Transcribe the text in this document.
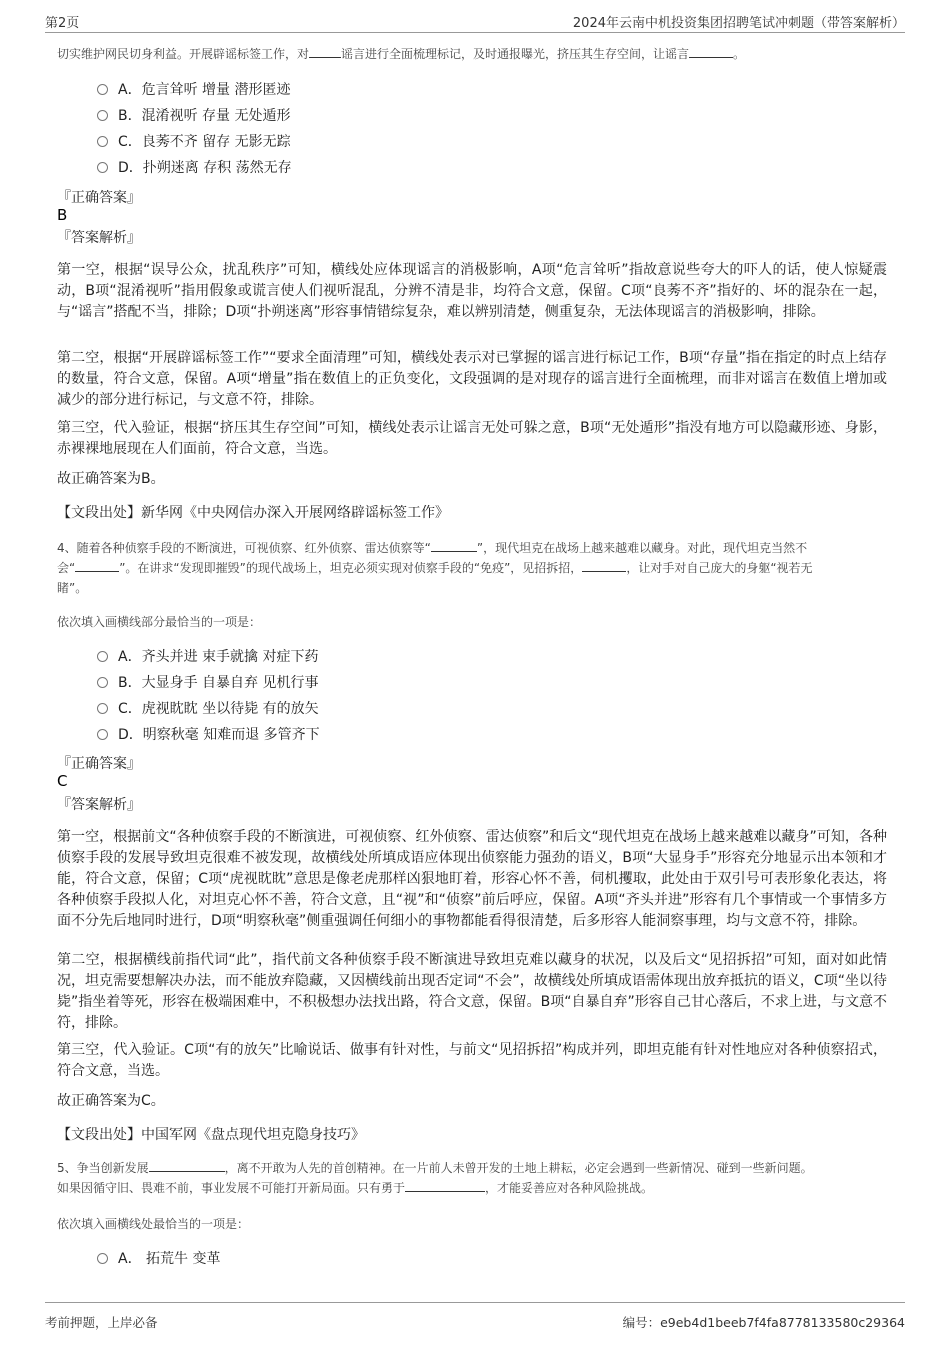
第2页	2024年云南中机投资集团招聘笔试冲刺题（带答案解析）
切实维护网民切身利益。开展辟谣标签工作，对	谣言进行全面梳理标记，及时通报曝光，挤压其生存空间，让谣言	。
A．危言耸听 增量 潜形匿迹
B．混淆视听 存量 无处遁形
C．良莠不齐 留存 无影无踪
D．扑朔迷离 存积 荡然无存
『正确答案』
B
『答案解析』

第一空，根据“误导公众，扰乱秩序”可知，横线处应体现谣言的消极影响，A项“危言耸听”指故意说些夸大的吓人的话，使人惊疑震动，B项“混淆视听”指用假象或谎言使人们视听混乱，分辨不清是非，均符合文意，保留。C项“良莠不齐”指好的、坏的混杂在一起，与“谣言”搭配不当，排除；D项“扑朔迷离”形容事情错综复杂，难以辨别清楚，侧重复杂，无法体现谣言的消极影响，排除。

第二空，根据“开展辟谣标签工作”“要求全面清理”可知，横线处表示对已掌握的谣言进行标记工作，B项“存量”指在指定的时点上结存的数量，符合文意，保留。A项“增量”指在数值上的正负变化，文段强调的是对现存的谣言进行全面梳理，而非对谣言在数值上增加或减少的部分进行标记，与文意不符，排除。

第三空，代入验证，根据“挤压其生存空间”可知，横线处表示让谣言无处可躲之意，B项“无处遁形”指没有地方可以隐藏形迹、身影，赤裸裸地展现在人们面前，符合文意，当选。

故正确答案为B。

【文段出处】新华网《中央网信办深入开展网络辟谣标签工作》

4、随着各种侦察手段的不断演进，可视侦察、红外侦察、雷达侦察等“	”，现代坦克在战场上越来越难以藏身。对此，现代坦克当然不
会“	”。在讲求“发现即摧毁”的现代战场上，坦克必须实现对侦察手段的“免疫”，见招拆招，	，让对手对自己庞大的身躯“视若无
睹”。
依次填入画横线部分最恰当的一项是：
A．齐头并进 束手就擒 对症下药
B．大显身手 自暴自弃 见机行事
C．虎视眈眈 坐以待毙 有的放矢
D．明察秋毫 知难而退 多管齐下
『正确答案』
C
『答案解析』

第一空，根据前文“各种侦察手段的不断演进，可视侦察、红外侦察、雷达侦察”和后文“现代坦克在战场上越来越难以藏身”可知，各种侦察手段的发展导致坦克很难不被发现，故横线处所填成语应体现出侦察能力强劲的语义，B项“大显身手”形容充分地显示出本领和才能，符合文意，保留；C项“虎视眈眈”意思是像老虎那样凶狠地盯着，形容心怀不善，伺机攫取，此处由于双引号可表形象化表达，将各种侦察手段拟人化，对坦克心怀不善，符合文意，且“视”和“侦察”前后呼应，保留。A项“齐头并进”形容有几个事情或一个事情多方面不分先后地同时进行，D项“明察秋毫”侧重强调任何细小的事物都能看得很清楚，后多形容人能洞察事理，均与文意不符，排除。

第二空，根据横线前指代词“此”，指代前文各种侦察手段不断演进导致坦克难以藏身的状况，以及后文“见招拆招”可知，面对如此情况，坦克需要想解决办法，而不能放弃隐藏，又因横线前出现否定词“不会”，故横线处所填成语需体现出放弃抵抗的语义，C项“坐以待毙”指坐着等死，形容在极端困难中，不积极想办法找出路，符合文意，保留。B项“自暴自弃”形容自己甘心落后，不求上进，与文意不符，排除。

第三空，代入验证。C项“有的放矢”比喻说话、做事有针对性，与前文“见招拆招”构成并列，即坦克能有针对性地应对各种侦察招式，符合文意，当选。

故正确答案为C。

【文段出处】中国军网《盘点现代坦克隐身技巧》

5、争当创新发展	，离不开敢为人先的首创精神。在一片前人未曾开发的土地上耕耘，必定会遇到一些新情况、碰到一些新问题。
如果因循守旧、畏难不前，事业发展不可能打开新局面。只有勇于	，才能妥善应对各种风险挑战。
依次填入画横线处最恰当的一项是：
A． 拓荒牛 变革
考前押题，上岸必备	编号：e9eb4d1beeb7f4fa8778133580c29364
